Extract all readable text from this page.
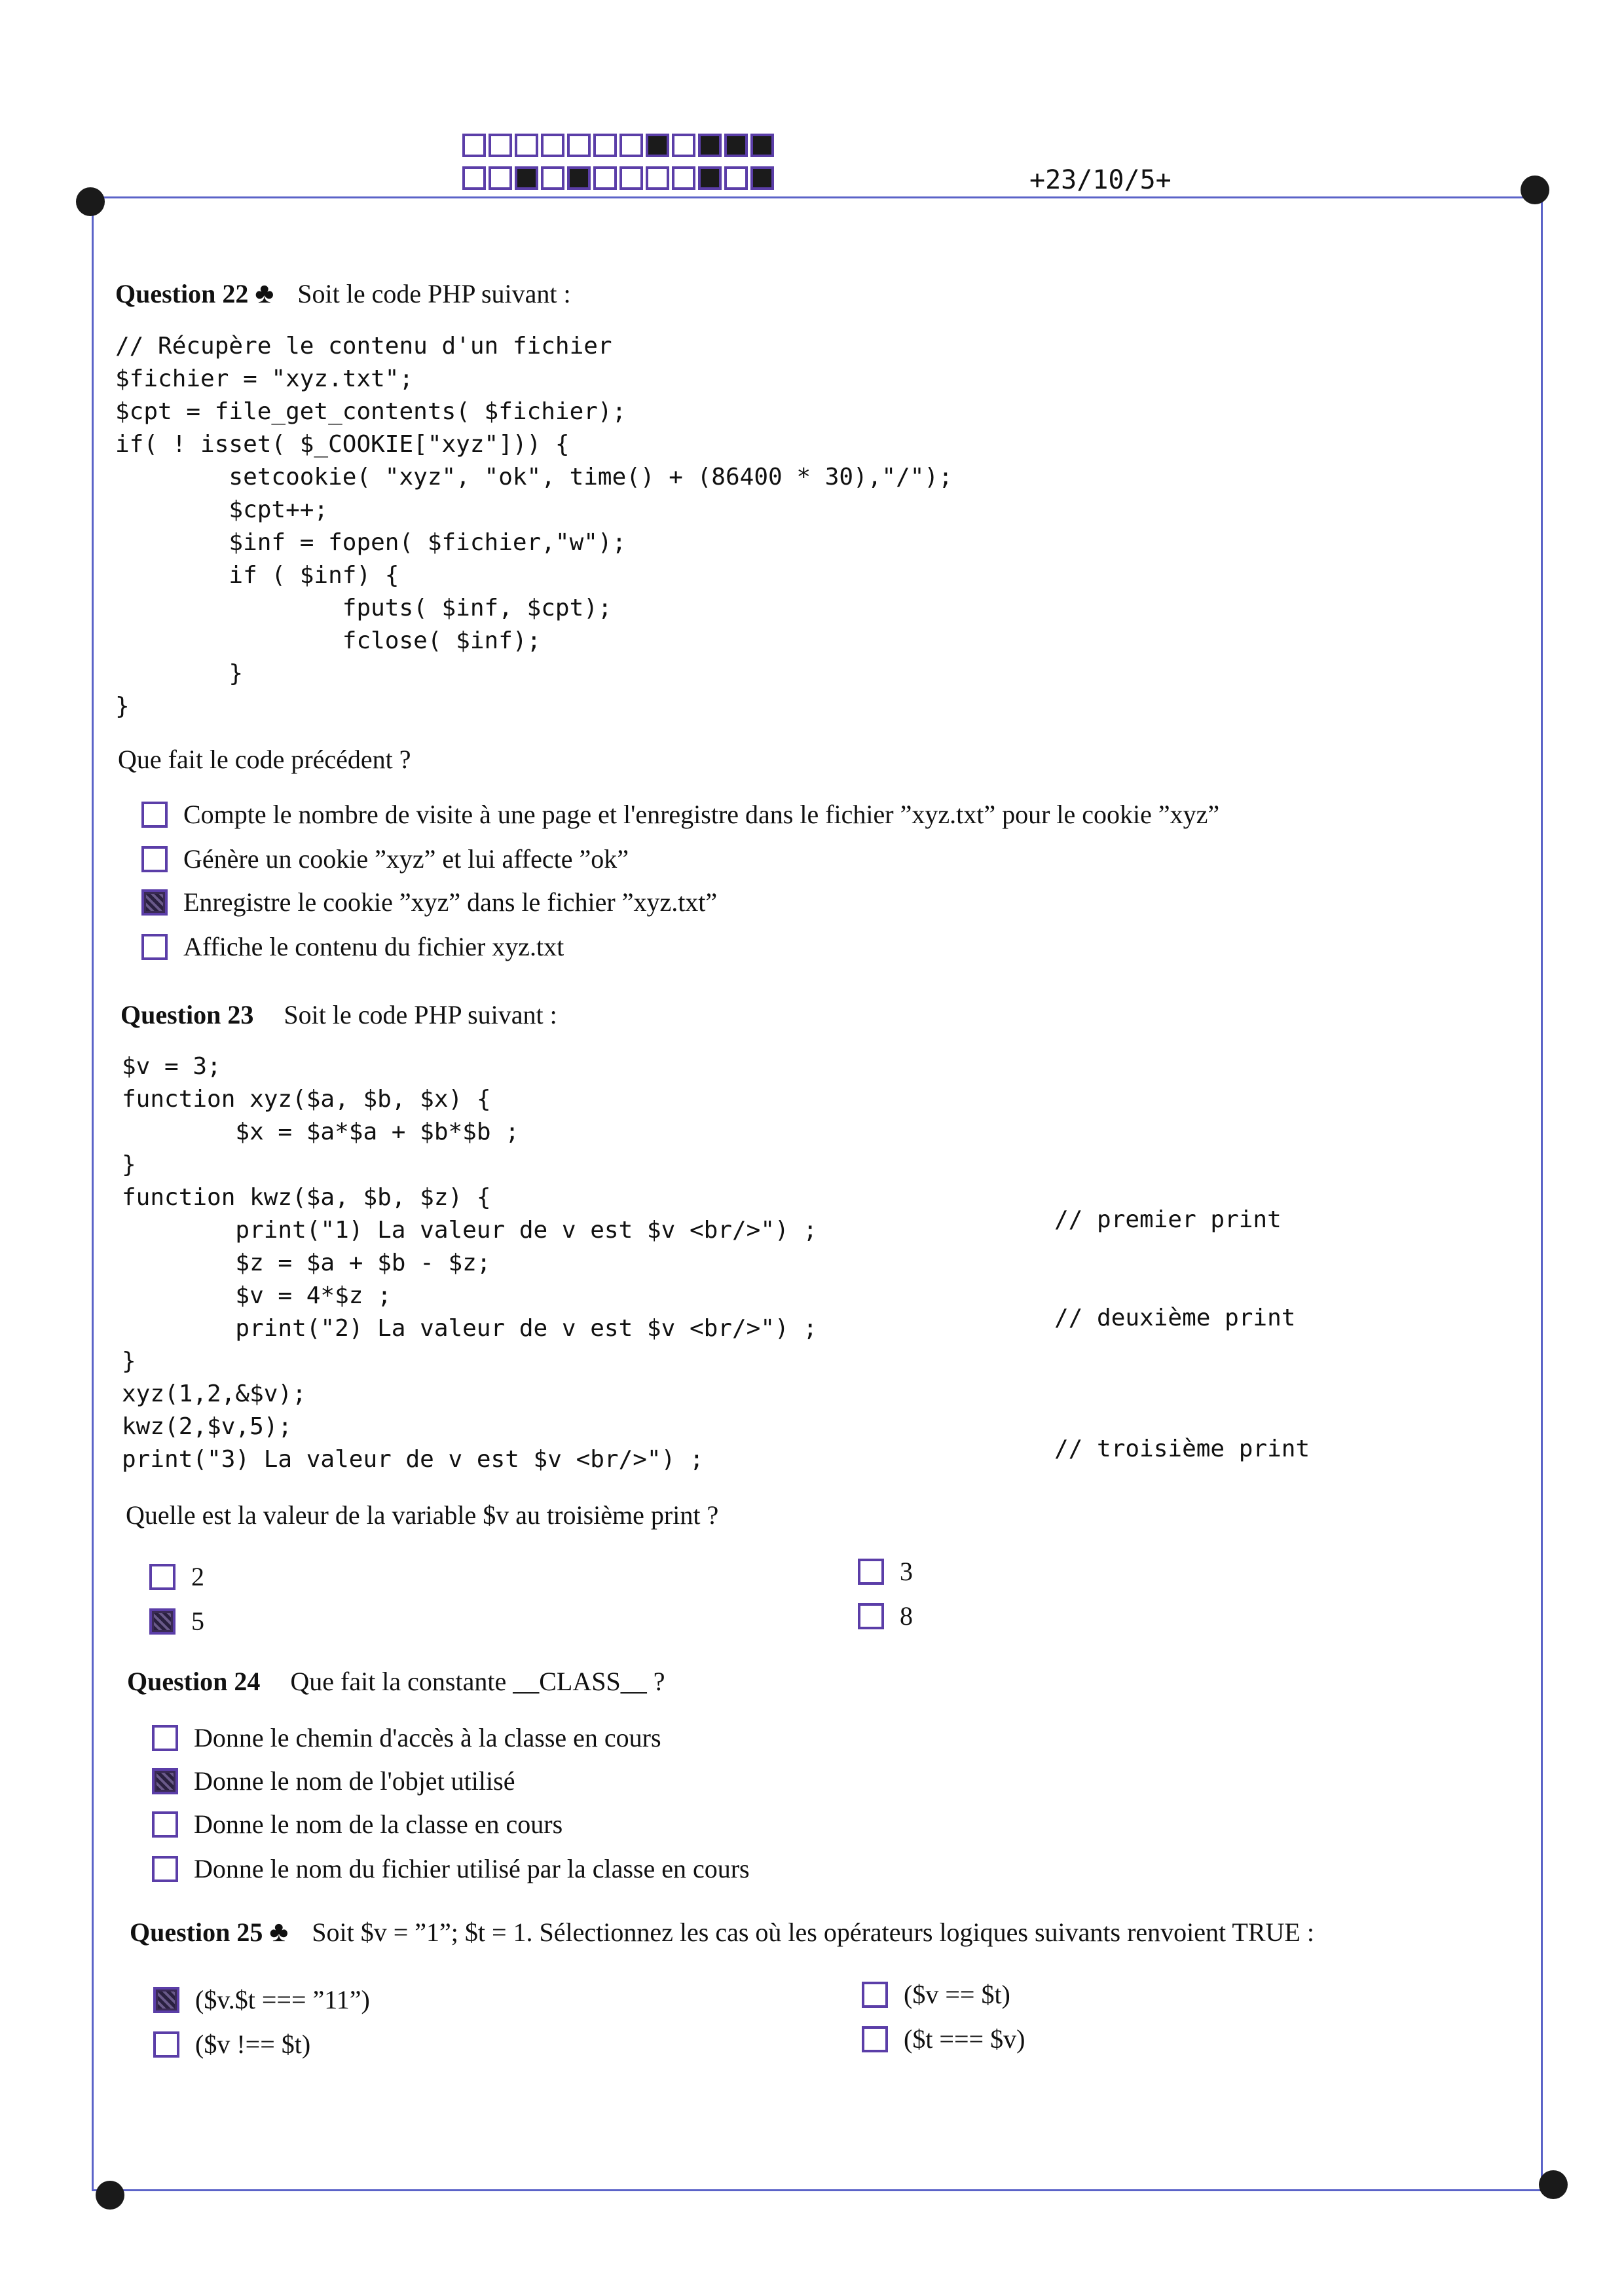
+23/10/5+
Question 22 ♣ Soit le code PHP suivant :
// Récupère le contenu d'un fichier
$fichier = "xyz.txt";
$cpt = file_get_contents( $fichier);
if( ! isset( $_COOKIE["xyz"])) {
setcookie( "xyz", "ok", time() + (86400 * 30),"/");
$cpt++;
$inf = fopen( $fichier,"w");
if ( $inf) {
fputs( $inf, $cpt);
fclose( $inf);
}
}
Que fait le code précédent ?
Compte le nombre de visite à une page et l'enregistre dans le fichier ”xyz.txt” pour le cookie ”xyz”
Génère un cookie ”xyz” et lui affecte ”ok”
Enregistre le cookie ”xyz” dans le fichier ”xyz.txt”
Affiche le contenu du fichier xyz.txt
Question 23 Soit le code PHP suivant :
$v = 3;
function xyz($a, $b, $x) {
$x = $a*$a + $b*$b ;
}
function kwz($a, $b, $z) {
print("1) La valeur de v est $v <br/>") ;
$z = $a + $b - $z;
$v = 4*$z ;
print("2) La valeur de v est $v <br/>") ;
}
xyz(1,2,&$v);
kwz(2,$v,5);
print("3) La valeur de v est $v <br/>") ;
// premier print
// deuxième print
// troisième print
Quelle est la valeur de la variable $v au troisième print ?
2
5
3
8
Question 24 Que fait la constante __CLASS__ ?
Donne le chemin d'accès à la classe en cours
Donne le nom de l'objet utilisé
Donne le nom de la classe en cours
Donne le nom du fichier utilisé par la classe en cours
Question 25 ♣ Soit $v = ”1”; $t = 1. Sélectionnez les cas où les opérateurs logiques suivants renvoient TRUE :
($v.$t === ”11”)
($v !== $t)
($v == $t)
($t === $v)
